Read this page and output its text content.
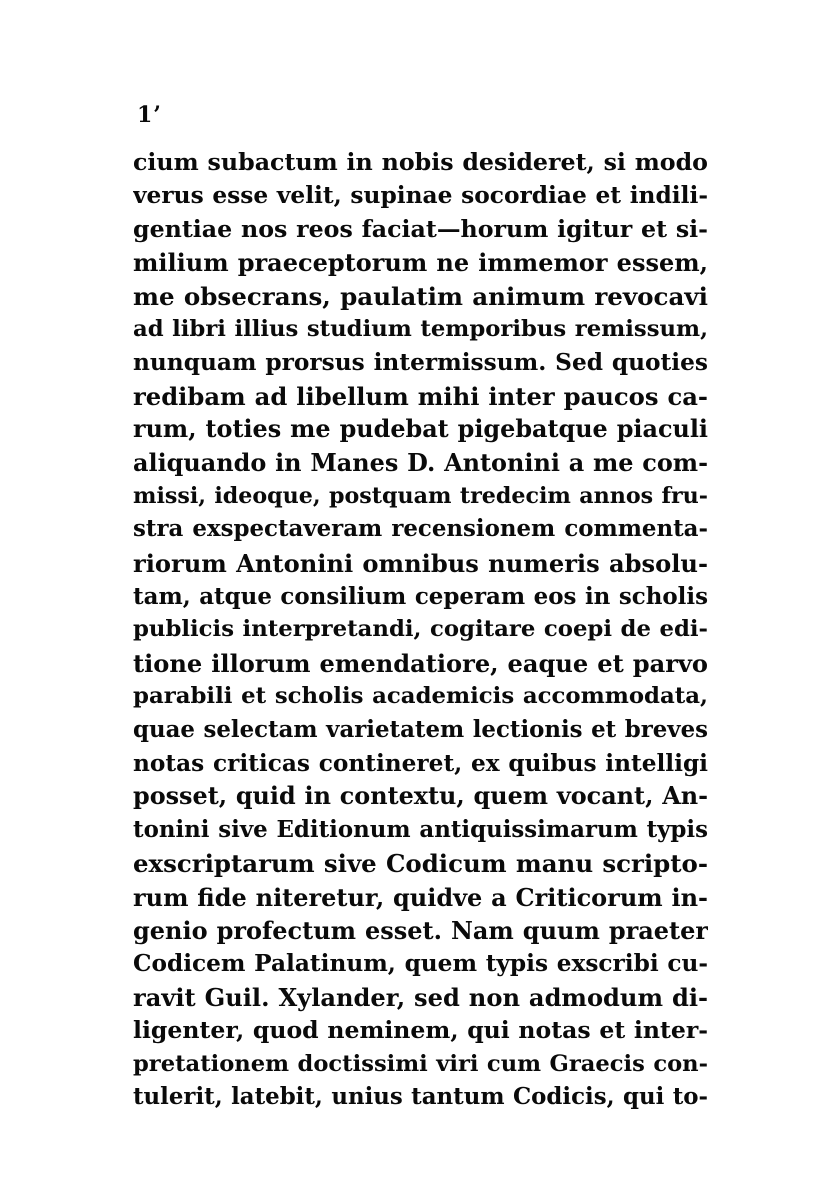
1’
cium subactum in nobis desideret, si modo
verus esse velit, supinae socordiae et indili-
gentiae nos reos faciat—horum igitur et si-
milium praeceptorum ne immemor essem,
me obsecrans, paulatim animum revocavi
ad libri illius studium temporibus remissum,
nunquam prorsus intermissum. Sed quoties
redibam ad libellum mihi inter paucos ca-
rum, toties me pudebat pigebatque piaculi
aliquando in Manes D. Antonini a me com-
missi, ideoque, postquam tredecim annos fru-
stra exspectaveram recensionem commenta-
riorum Antonini omnibus numeris absolu-
tam, atque consilium ceperam eos in scholis
publicis interpretandi, cogitare coepi de edi-
tione illorum emendatiore, eaque et parvo
parabili et scholis academicis accommodata,
quae selectam varietatem lectionis et breves
notas criticas contineret, ex quibus intelligi
posset, quid in contextu, quem vocant, An-
tonini sive Editionum antiquissimarum typis
exscriptarum sive Codicum manu scripto-
rum fide niteretur, quidve a Criticorum in-
genio profectum esset. Nam quum praeter
Codicem Palatinum, quem typis exscribi cu-
ravit Guil. Xylander, sed non admodum di-
ligenter, quod neminem, qui notas et inter-
pretationem doctissimi viri cum Graecis con-
tulerit, latebit, unius tantum Codicis, qui to-
